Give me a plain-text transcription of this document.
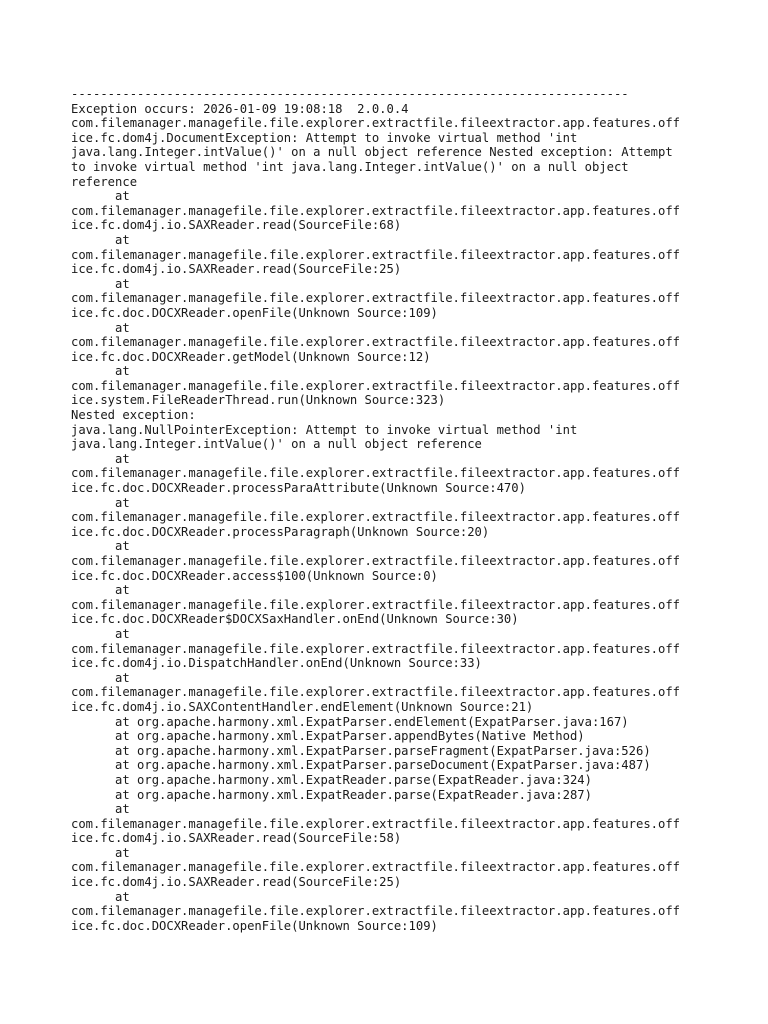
----------------------------------------------------------------------------
Exception occurs: 2026-01-09 19:08:18  2.0.0.4
com.filemanager.managefile.file.explorer.extractfile.fileextractor.app.features.off
ice.fc.dom4j.DocumentException: Attempt to invoke virtual method 'int
java.lang.Integer.intValue()' on a null object reference Nested exception: Attempt
to invoke virtual method 'int java.lang.Integer.intValue()' on a null object
reference
at
com.filemanager.managefile.file.explorer.extractfile.fileextractor.app.features.off
ice.fc.dom4j.io.SAXReader.read(SourceFile:68)
at
com.filemanager.managefile.file.explorer.extractfile.fileextractor.app.features.off
ice.fc.dom4j.io.SAXReader.read(SourceFile:25)
at
com.filemanager.managefile.file.explorer.extractfile.fileextractor.app.features.off
ice.fc.doc.DOCXReader.openFile(Unknown Source:109)
at
com.filemanager.managefile.file.explorer.extractfile.fileextractor.app.features.off
ice.fc.doc.DOCXReader.getModel(Unknown Source:12)
at
com.filemanager.managefile.file.explorer.extractfile.fileextractor.app.features.off
ice.system.FileReaderThread.run(Unknown Source:323)
Nested exception:
java.lang.NullPointerException: Attempt to invoke virtual method 'int
java.lang.Integer.intValue()' on a null object reference
at
com.filemanager.managefile.file.explorer.extractfile.fileextractor.app.features.off
ice.fc.doc.DOCXReader.processParaAttribute(Unknown Source:470)
at
com.filemanager.managefile.file.explorer.extractfile.fileextractor.app.features.off
ice.fc.doc.DOCXReader.processParagraph(Unknown Source:20)
at
com.filemanager.managefile.file.explorer.extractfile.fileextractor.app.features.off
ice.fc.doc.DOCXReader.access$100(Unknown Source:0)
at
com.filemanager.managefile.file.explorer.extractfile.fileextractor.app.features.off
ice.fc.doc.DOCXReader$DOCXSaxHandler.onEnd(Unknown Source:30)
at
com.filemanager.managefile.file.explorer.extractfile.fileextractor.app.features.off
ice.fc.dom4j.io.DispatchHandler.onEnd(Unknown Source:33)
at
com.filemanager.managefile.file.explorer.extractfile.fileextractor.app.features.off
ice.fc.dom4j.io.SAXContentHandler.endElement(Unknown Source:21)
at org.apache.harmony.xml.ExpatParser.endElement(ExpatParser.java:167)
at org.apache.harmony.xml.ExpatParser.appendBytes(Native Method)
at org.apache.harmony.xml.ExpatParser.parseFragment(ExpatParser.java:526)
at org.apache.harmony.xml.ExpatParser.parseDocument(ExpatParser.java:487)
at org.apache.harmony.xml.ExpatReader.parse(ExpatReader.java:324)
at org.apache.harmony.xml.ExpatReader.parse(ExpatReader.java:287)
at
com.filemanager.managefile.file.explorer.extractfile.fileextractor.app.features.off
ice.fc.dom4j.io.SAXReader.read(SourceFile:58)
at
com.filemanager.managefile.file.explorer.extractfile.fileextractor.app.features.off
ice.fc.dom4j.io.SAXReader.read(SourceFile:25)
at
com.filemanager.managefile.file.explorer.extractfile.fileextractor.app.features.off
ice.fc.doc.DOCXReader.openFile(Unknown Source:109)
